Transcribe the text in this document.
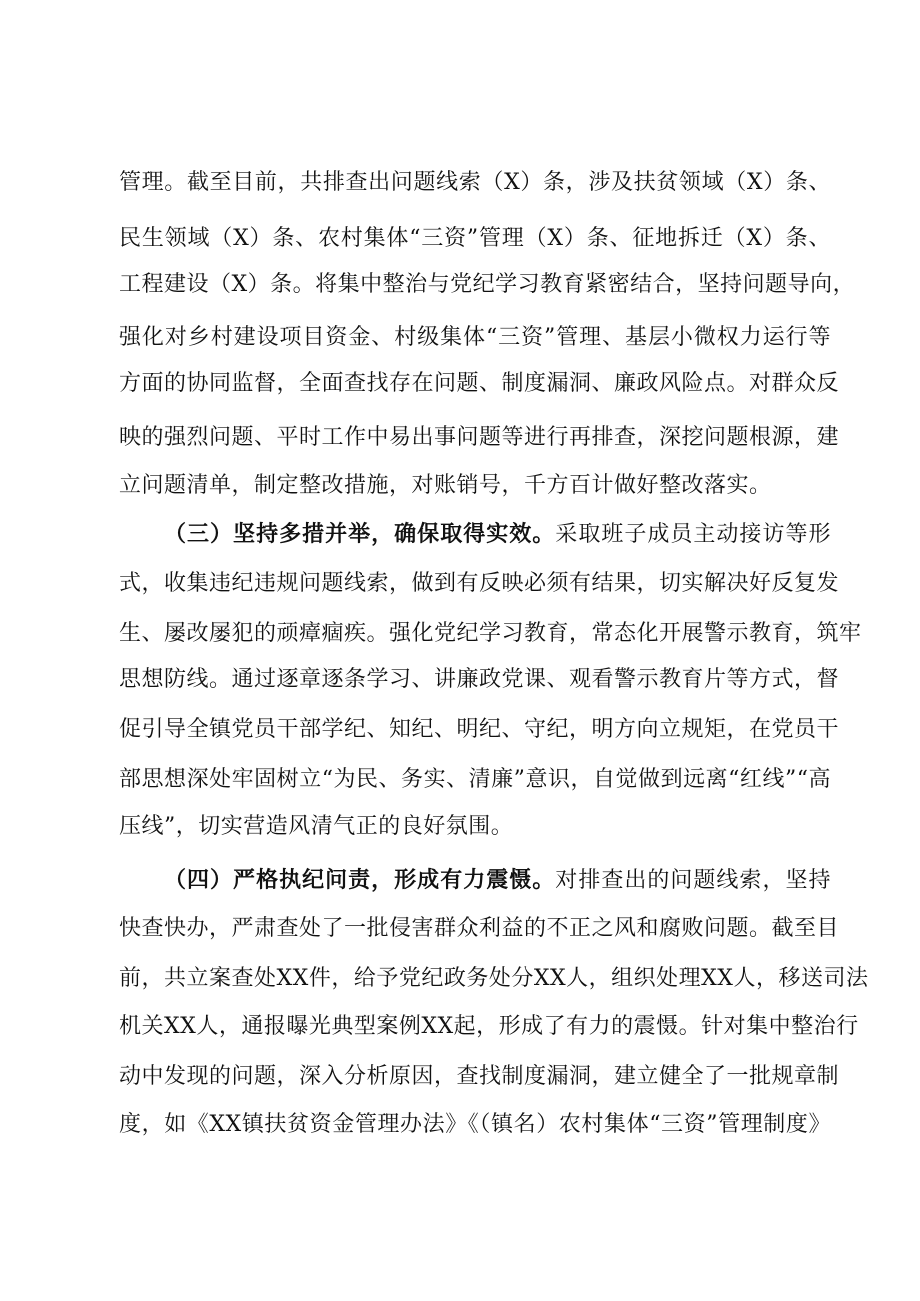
管理。截至目前，共排查出问题线索（X）条，涉及扶贫领域（X）条、
民生领域（X）条、农村集体“三资”管理（X）条、征地拆迁（X）条、
工程建设（X）条。将集中整治与党纪学习教育紧密结合，坚持问题导向，
强化对乡村建设项目资金、村级集体“三资”管理、基层小微权力运行等
方面的协同监督，全面查找存在问题、制度漏洞、廉政风险点。对群众反
映的强烈问题、平时工作中易出事问题等进行再排查，深挖问题根源，建
立问题清单，制定整改措施，对账销号，千方百计做好整改落实。
（三）坚持多措并举，确保取得实效。采取班子成员主动接访等形
式，收集违纪违规问题线索，做到有反映必须有结果，切实解决好反复发
生、屡改屡犯的顽瘴痼疾。强化党纪学习教育，常态化开展警示教育，筑牢
思想防线。通过逐章逐条学习、讲廉政党课、观看警示教育片等方式，督
促引导全镇党员干部学纪、知纪、明纪、守纪，明方向立规矩，在党员干
部思想深处牢固树立“为民、务实、清廉”意识，自觉做到远离“红线”“高
压线”，切实营造风清气正的良好氛围。
（四）严格执纪问责，形成有力震慑。对排查出的问题线索，坚持
快查快办，严肃查处了一批侵害群众利益的不正之风和腐败问题。截至目
前，共立案查处XX件，给予党纪政务处分XX人，组织处理XX人，移送司法
机关XX人，通报曝光典型案例XX起，形成了有力的震慑。针对集中整治行
动中发现的问题，深入分析原因，查找制度漏洞，建立健全了一批规章制
度，如《XX镇扶贫资金管理办法》《（镇名）农村集体“三资”管理制度》
